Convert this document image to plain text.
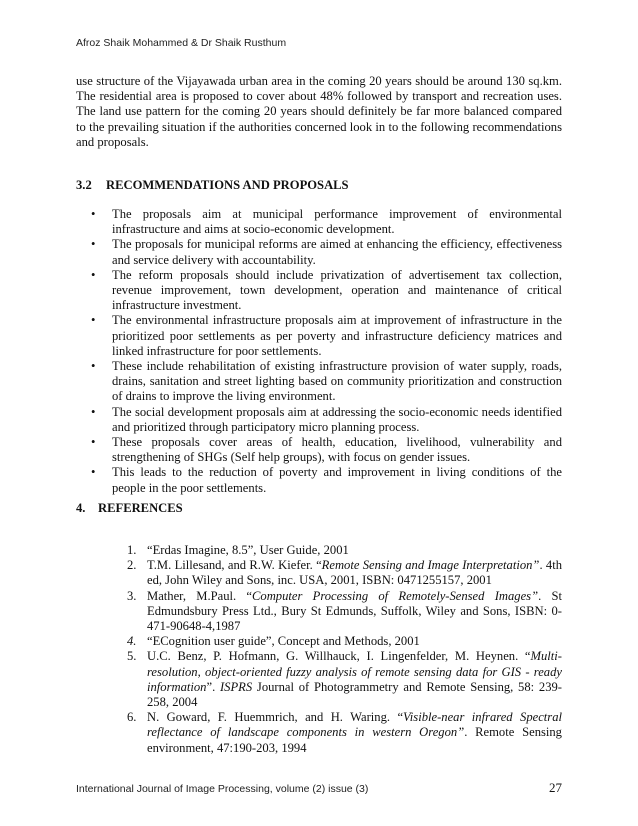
Afroz Shaik Mohammed & Dr Shaik Rusthum

use structure of the Vijayawada urban area in the coming 20 years should be around 130 sq.km. The residential area is proposed to cover about 48% followed by transport and recreation uses. The land use pattern for the coming 20 years should definitely be far more balanced compared to the prevailing situation if the authorities concerned look in to the following recommendations and proposals.

3.2 RECOMMENDATIONS AND PROPOSALS
• The proposals aim at municipal performance improvement of environmental infrastructure and aims at socio-economic development.
• The proposals for municipal reforms are aimed at enhancing the efficiency, effectiveness and service delivery with accountability.
• The reform proposals should include privatization of advertisement tax collection, revenue improvement, town development, operation and maintenance of critical infrastructure investment.
• The environmental infrastructure proposals aim at improvement of infrastructure in the prioritized poor settlements as per poverty and infrastructure deficiency matrices and linked infrastructure for poor settlements.
• These include rehabilitation of existing infrastructure provision of water supply, roads, drains, sanitation and street lighting based on community prioritization and construction of drains to improve the living environment.
• The social development proposals aim at addressing the socio-economic needs identified and prioritized through participatory micro planning process.
• These proposals cover areas of health, education, livelihood, vulnerability and strengthening of SHGs (Self help groups), with focus on gender issues.
• This leads to the reduction of poverty and improvement in living conditions of the people in the poor settlements.
4. REFERENCES
1. “Erdas Imagine, 8.5”, User Guide, 2001
2. T.M. Lillesand, and R.W. Kiefer. “Remote Sensing and Image Interpretation”. 4th ed, John Wiley and Sons, inc. USA, 2001, ISBN: 0471255157, 2001
3. Mather, M.Paul. “Computer Processing of Remotely-Sensed Images”. St Edmundsbury Press Ltd., Bury St Edmunds, Suffolk, Wiley and Sons, ISBN: 0-471-90648-4,1987
4. “ECognition user guide”, Concept and Methods, 2001
5. U.C. Benz, P. Hofmann, G. Willhauck, I. Lingenfelder, M. Heynen. “Multi-resolution, object-oriented fuzzy analysis of remote sensing data for GIS - ready information”. ISPRS Journal of Photogrammetry and Remote Sensing, 58: 239-258, 2004
6. N. Goward, F. Huemmrich, and H. Waring. “Visible-near infrared Spectral reflectance of landscape components in western Oregon”. Remote Sensing environment, 47:190-203, 1994
International Journal of Image Processing, volume (2) issue (3)	27
